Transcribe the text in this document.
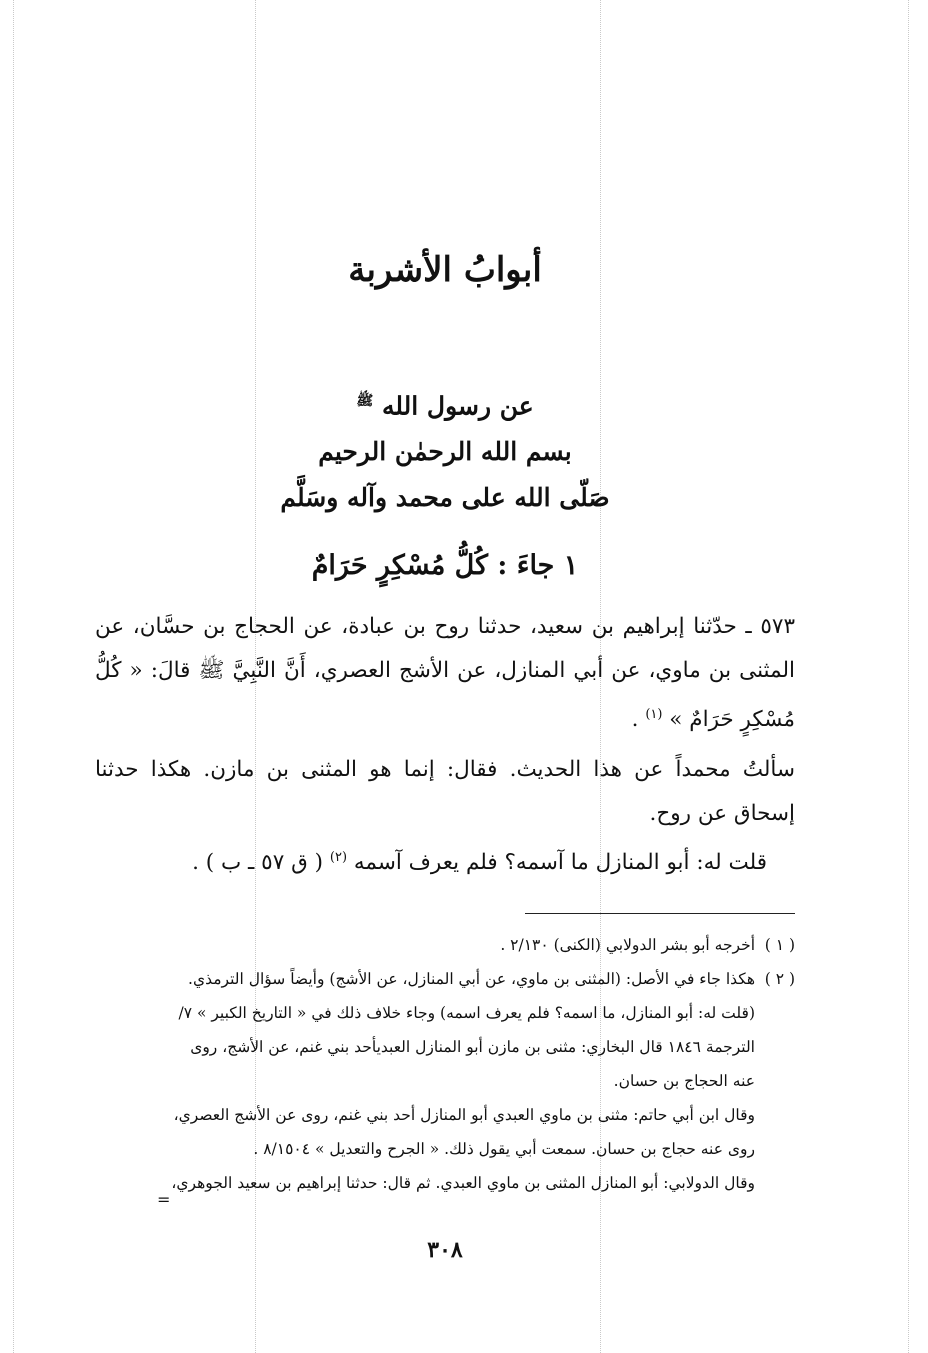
أبوابُ الأشربة
عن رسول الله $^ﷺ$
بسم الله الرحمٰن الرحيم
صَلّى الله على محمد وآله وسَلَّم
١ جاءَ : كُلُّ مُسْكِرٍ حَرَامٌ

٥٧٣ ـ حدّثنا إبراهيم بن سعيد، حدثنا روح بن عبادة، عن الحجاج بن حسَّان، عن المثنى بن ماوي، عن أبي المنازل، عن الأشج العصري، أَنَّ النَّبِيَّ ﷺ قالَ: « كُلُّ مُسْكِرٍ حَرَامٌ » $^{(١)}$ .

سألتُ محمداً عن هذا الحديث. فقال: إنما هو المثنى بن مازن. هكذا حدثنا إسحاق عن روح.

قلت له: أبو المنازل ما آسمه؟ فلم يعرف آسمه $^{(٢)}$ ( ق ٥٧ ـ ب ) .

( ١ )
أخرجه أبو بشر الدولابي (الكنى) ٢/١٣٠ .
( ٢ )
هكذا جاء في الأصل: (المثنى بن ماوي، عن أبي المنازل، عن الأشج) وأيضاً سؤال الترمذي.
(قلت له: أبو المنازل، ما اسمه؟ فلم يعرف اسمه) وجاء خلاف ذلك في « التاريخ الكبير » ٧/
الترجمة ١٨٤٦ قال البخاري: مثنى بن مازن أبو المنازل العبديأحد بني غنم، عن الأشج، روى
عنه الحجاج بن حسان.
وقال ابن أبي حاتم: مثنى بن ماوي العبدي أبو المنازل أحد بني غنم، روى عن الأشج العصري،
روى عنه حجاج بن حسان. سمعت أبي يقول ذلك. « الجرح والتعديل » ٨/١٥٠٤ .
وقال الدولابي: أبو المنازل المثنى بن ماوي العبدي. ثم قال: حدثنا إبراهيم بن سعيد الجوهري،
=
٣٠٨
